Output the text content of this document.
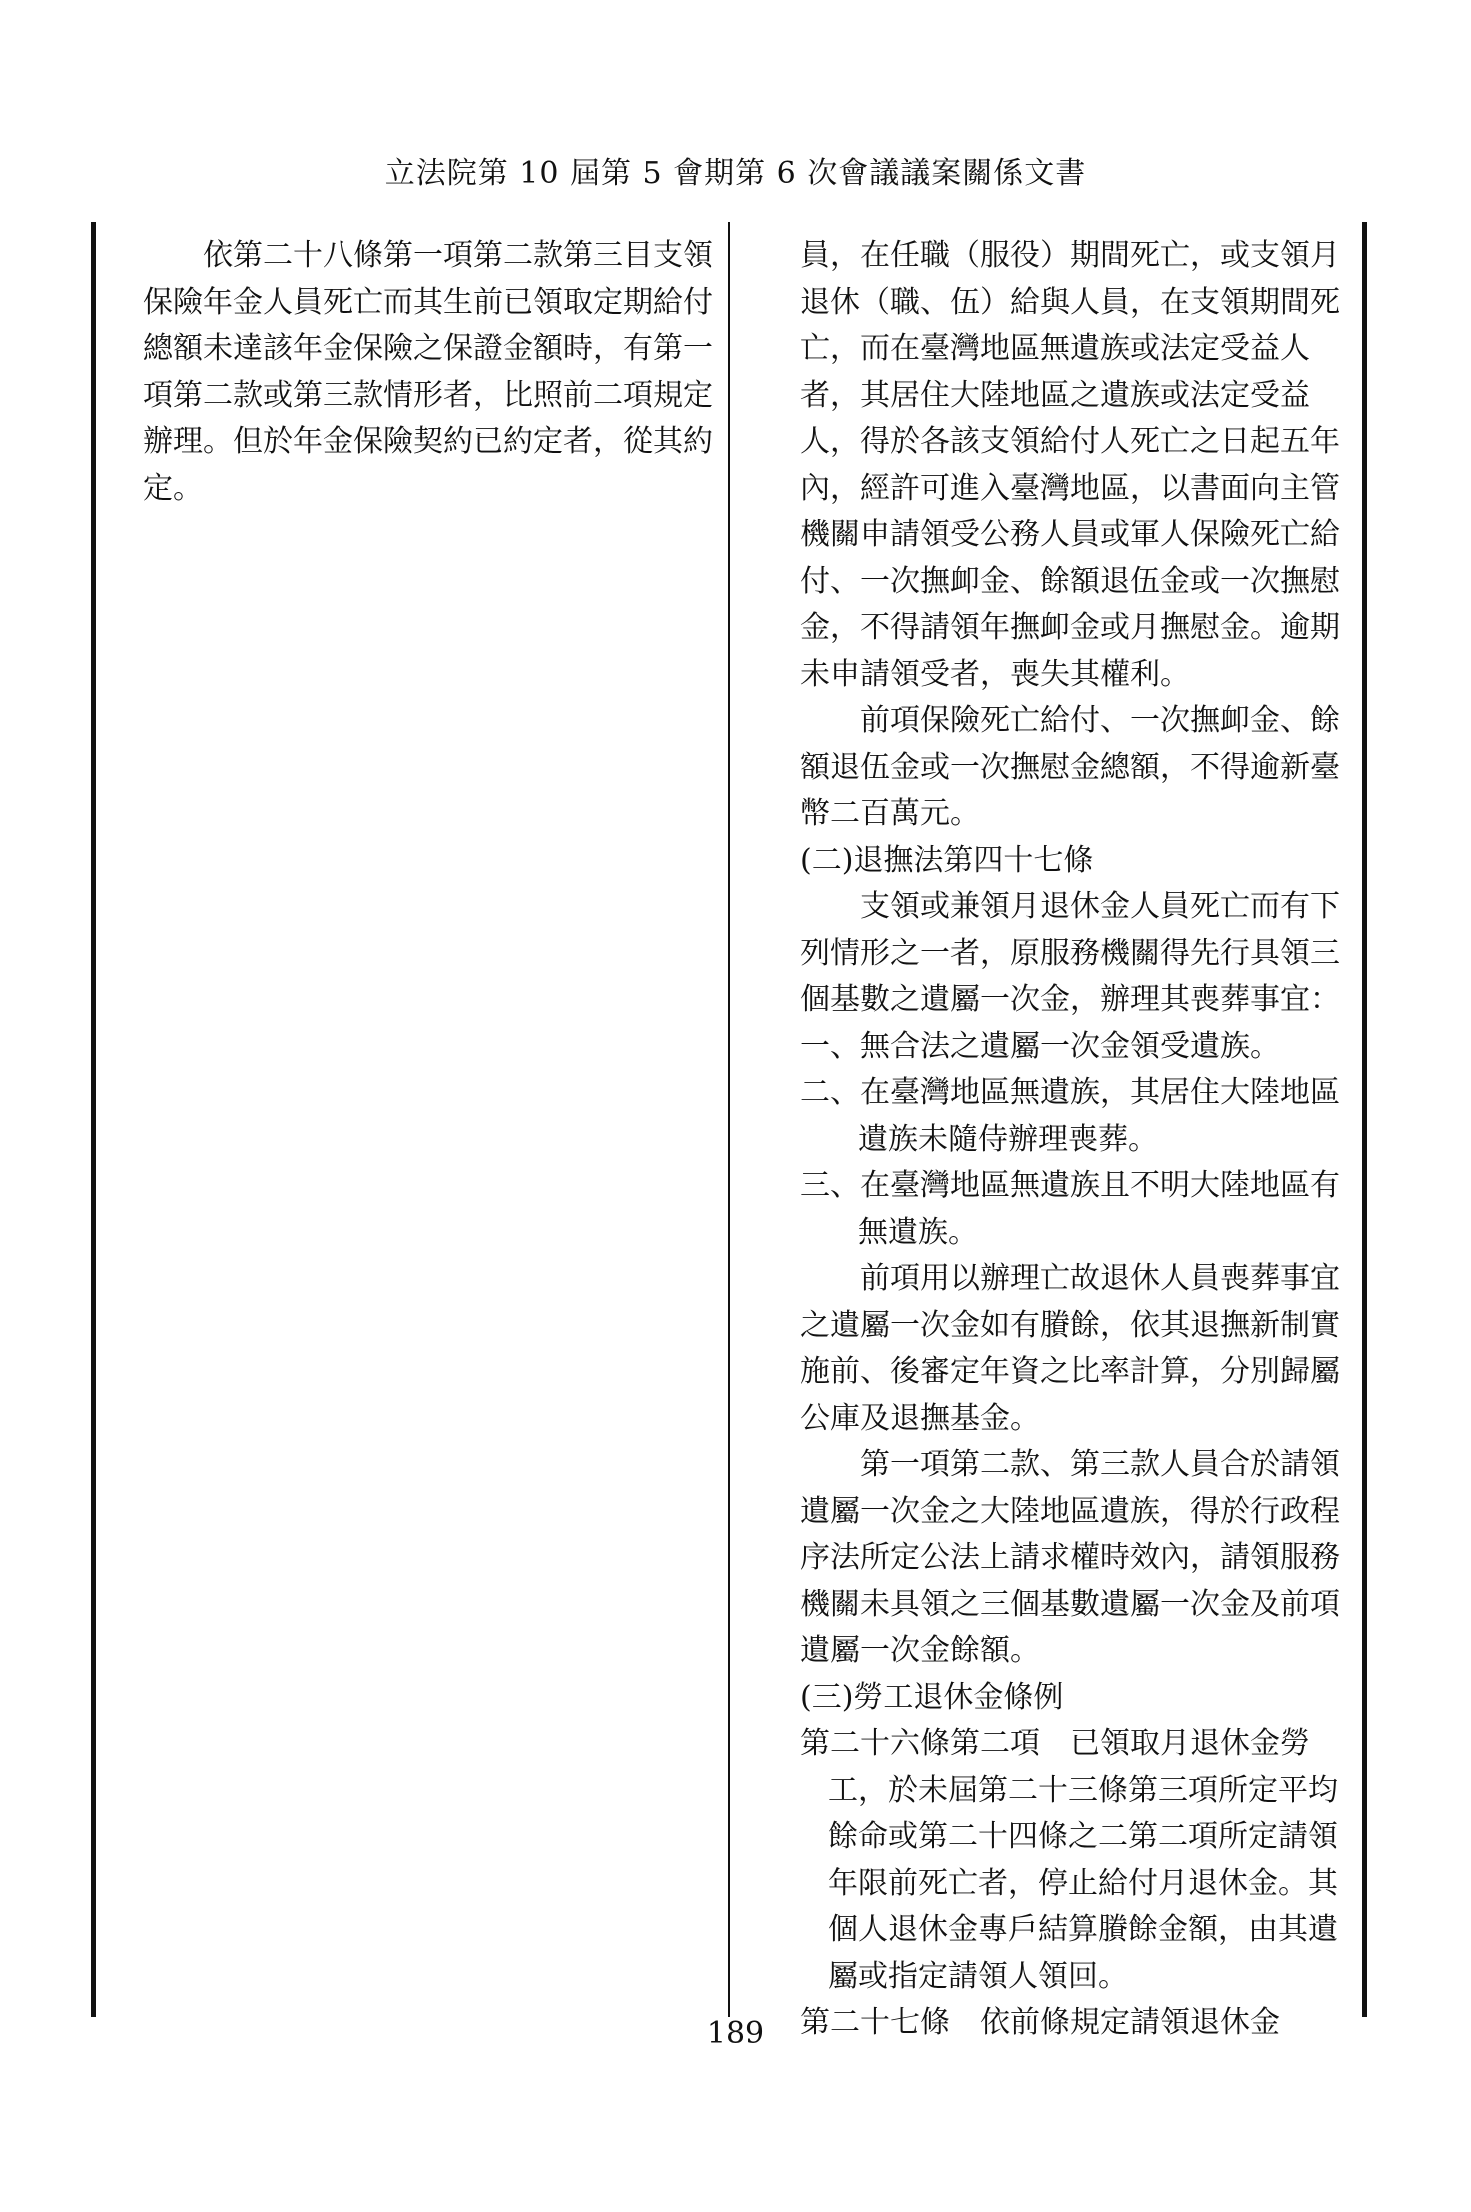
立法院第 10 屆第 5 會期第 6 次會議議案關係文書

依第二十八條第一項第二款第三目支領保險年金人員死亡而其生前已領取定期給付總額未達該年金保險之保證金額時，有第一項第二款或第三款情形者，比照前二項規定辦理。但於年金保險契約已約定者，從其約定。

員，在任職（服役）期間死亡，或支領月退休（職、伍）給與人員，在支領期間死亡，而在臺灣地區無遺族或法定受益人者，其居住大陸地區之遺族或法定受益人，得於各該支領給付人死亡之日起五年內，經許可進入臺灣地區，以書面向主管機關申請領受公務人員或軍人保險死亡給付、一次撫卹金、餘額退伍金或一次撫慰金，不得請領年撫卹金或月撫慰金。逾期未申請領受者，喪失其權利。

前項保險死亡給付、一次撫卹金、餘額退伍金或一次撫慰金總額，不得逾新臺幣二百萬元。

(二)退撫法第四十七條

支領或兼領月退休金人員死亡而有下列情形之一者，原服務機關得先行具領三個基數之遺屬一次金，辦理其喪葬事宜：

一、無合法之遺屬一次金領受遺族。

二、在臺灣地區無遺族，其居住大陸地區遺族未隨侍辦理喪葬。

三、在臺灣地區無遺族且不明大陸地區有無遺族。

前項用以辦理亡故退休人員喪葬事宜之遺屬一次金如有賸餘，依其退撫新制實施前、後審定年資之比率計算，分別歸屬公庫及退撫基金。

第一項第二款、第三款人員合於請領遺屬一次金之大陸地區遺族，得於行政程序法所定公法上請求權時效內，請領服務機關未具領之三個基數遺屬一次金及前項遺屬一次金餘額。

(三)勞工退休金條例

第二十六條第二項　已領取月退休金勞工，於未屆第二十三條第三項所定平均餘命或第二十四條之二第二項所定請領年限前死亡者，停止給付月退休金。其個人退休金專戶結算賸餘金額，由其遺屬或指定請領人領回。

第二十七條　依前條規定請領退休金

189
